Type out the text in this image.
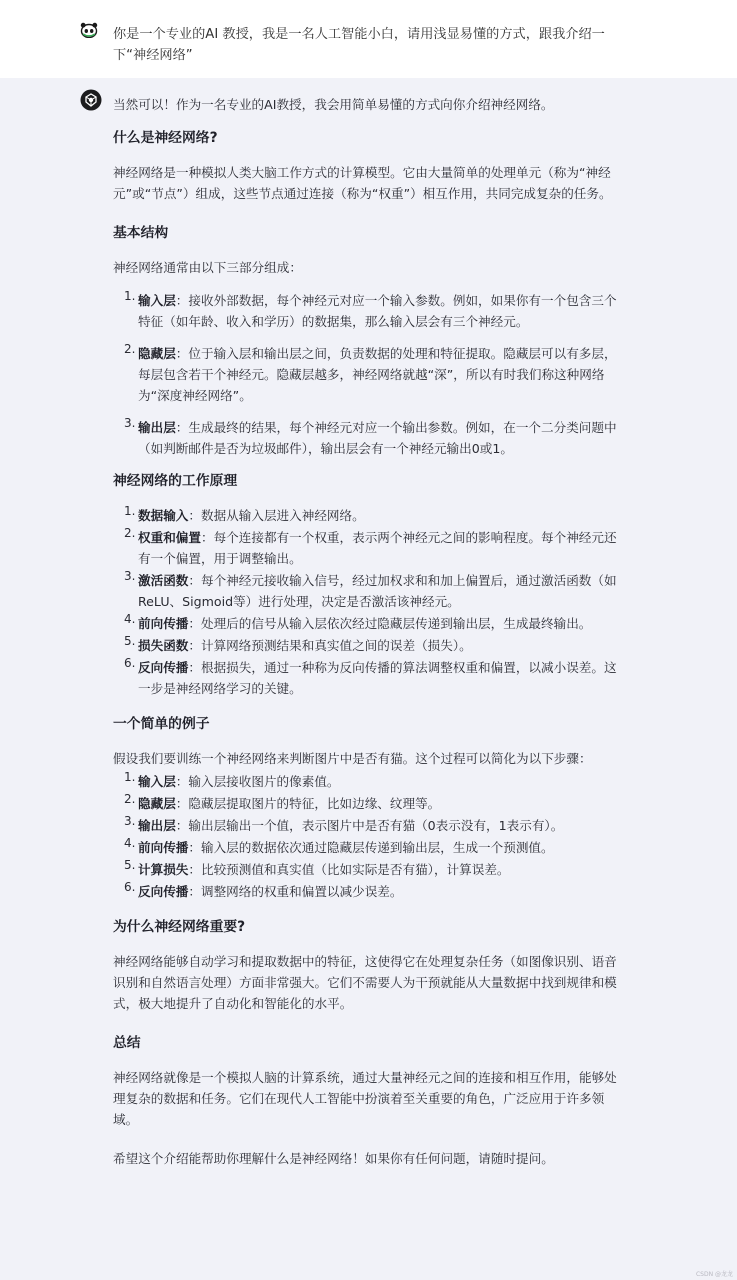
你是一个专业的AI 教授，我是一名人工智能小白，请用浅显易懂的方式，跟我介绍一下“神经网络”

当然可以！作为一名专业的AI教授，我会用简单易懂的方式向你介绍神经网络。

什么是神经网络?

神经网络是一种模拟人类大脑工作方式的计算模型。它由大量简单的处理单元（称为“神经元”或“节点”）组成，这些节点通过连接（称为“权重”）相互作用，共同完成复杂的任务。

基本结构

神经网络通常由以下三部分组成：

1. 输入层：接收外部数据，每个神经元对应一个输入参数。例如，如果你有一个包含三个特征（如年龄、收入和学历）的数据集，那么输入层会有三个神经元。
2. 隐藏层：位于输入层和输出层之间，负责数据的处理和特征提取。隐藏层可以有多层，每层包含若干个神经元。隐藏层越多，神经网络就越“深”，所以有时我们称这种网络为“深度神经网络”。
3. 输出层：生成最终的结果，每个神经元对应一个输出参数。例如，在一个二分类问题中（如判断邮件是否为垃圾邮件），输出层会有一个神经元输出0或1。
神经网络的工作原理
1. 数据输入：数据从输入层进入神经网络。
2. 权重和偏置：每个连接都有一个权重，表示两个神经元之间的影响程度。每个神经元还有一个偏置，用于调整输出。
3. 激活函数：每个神经元接收输入信号，经过加权求和和加上偏置后，通过激活函数（如ReLU、Sigmoid等）进行处理，决定是否激活该神经元。
4. 前向传播：处理后的信号从输入层依次经过隐藏层传递到输出层，生成最终输出。
5. 损失函数：计算网络预测结果和真实值之间的误差（损失）。
6. 反向传播：根据损失，通过一种称为反向传播的算法调整权重和偏置，以减小误差。这一步是神经网络学习的关键。
一个简单的例子

假设我们要训练一个神经网络来判断图片中是否有猫。这个过程可以简化为以下步骤：

1. 输入层：输入层接收图片的像素值。
2. 隐藏层：隐藏层提取图片的特征，比如边缘、纹理等。
3. 输出层：输出层输出一个值，表示图片中是否有猫（0表示没有，1表示有）。
4. 前向传播：输入层的数据依次通过隐藏层传递到输出层，生成一个预测值。
5. 计算损失：比较预测值和真实值（比如实际是否有猫），计算误差。
6. 反向传播：调整网络的权重和偏置以减少误差。
为什么神经网络重要?

神经网络能够自动学习和提取数据中的特征，这使得它在处理复杂任务（如图像识别、语音识别和自然语言处理）方面非常强大。它们不需要人为干预就能从大量数据中找到规律和模式，极大地提升了自动化和智能化的水平。

总结

神经网络就像是一个模拟人脑的计算系统，通过大量神经元之间的连接和相互作用，能够处理复杂的数据和任务。它们在现代人工智能中扮演着至关重要的角色，广泛应用于许多领域。

希望这个介绍能帮助你理解什么是神经网络！如果你有任何问题，请随时提问。

CSDN @龙龙
